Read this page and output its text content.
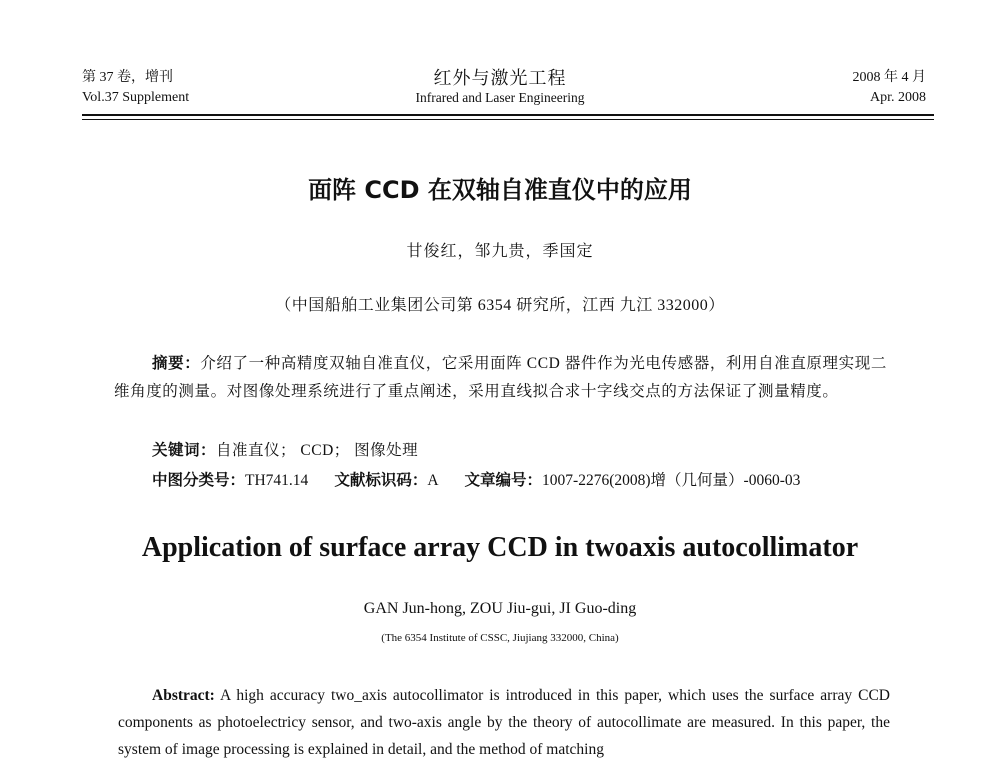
第 37 卷，增刊
Vol.37 Supplement
红外与激光工程
Infrared and Laser Engineering
2008 年 4 月
Apr. 2008
面阵 CCD 在双轴自准直仪中的应用
甘俊红，邹九贵，季国定
（中国船舶工业集团公司第 6354 研究所，江西 九江 332000）
摘要：介绍了一种高精度双轴自准直仪，它采用面阵 CCD 器件作为光电传感器，利用自准直原理实现二维角度的测量。对图像处理系统进行了重点阐述，采用直线拟合求十字线交点的方法保证了测量精度。
关键词：自准直仪； CCD； 图像处理
中图分类号：TH741.14 文献标识码：A 文章编号：1007-2276(2008)增（几何量）-0060-03
Application of surface array CCD in twoaxis autocollimator
GAN Jun-hong, ZOU Jiu-gui, JI Guo-ding
(The 6354 Institute of CSSC, Jiujiang 332000, China)
Abstract: A high accuracy two_axis autocollimator is introduced in this paper, which uses the surface array CCD components as photoelectricy sensor, and two-axis angle by the theory of autocollimate are measured. In this paper, the system of image processing is explained in detail, and the method of matching
